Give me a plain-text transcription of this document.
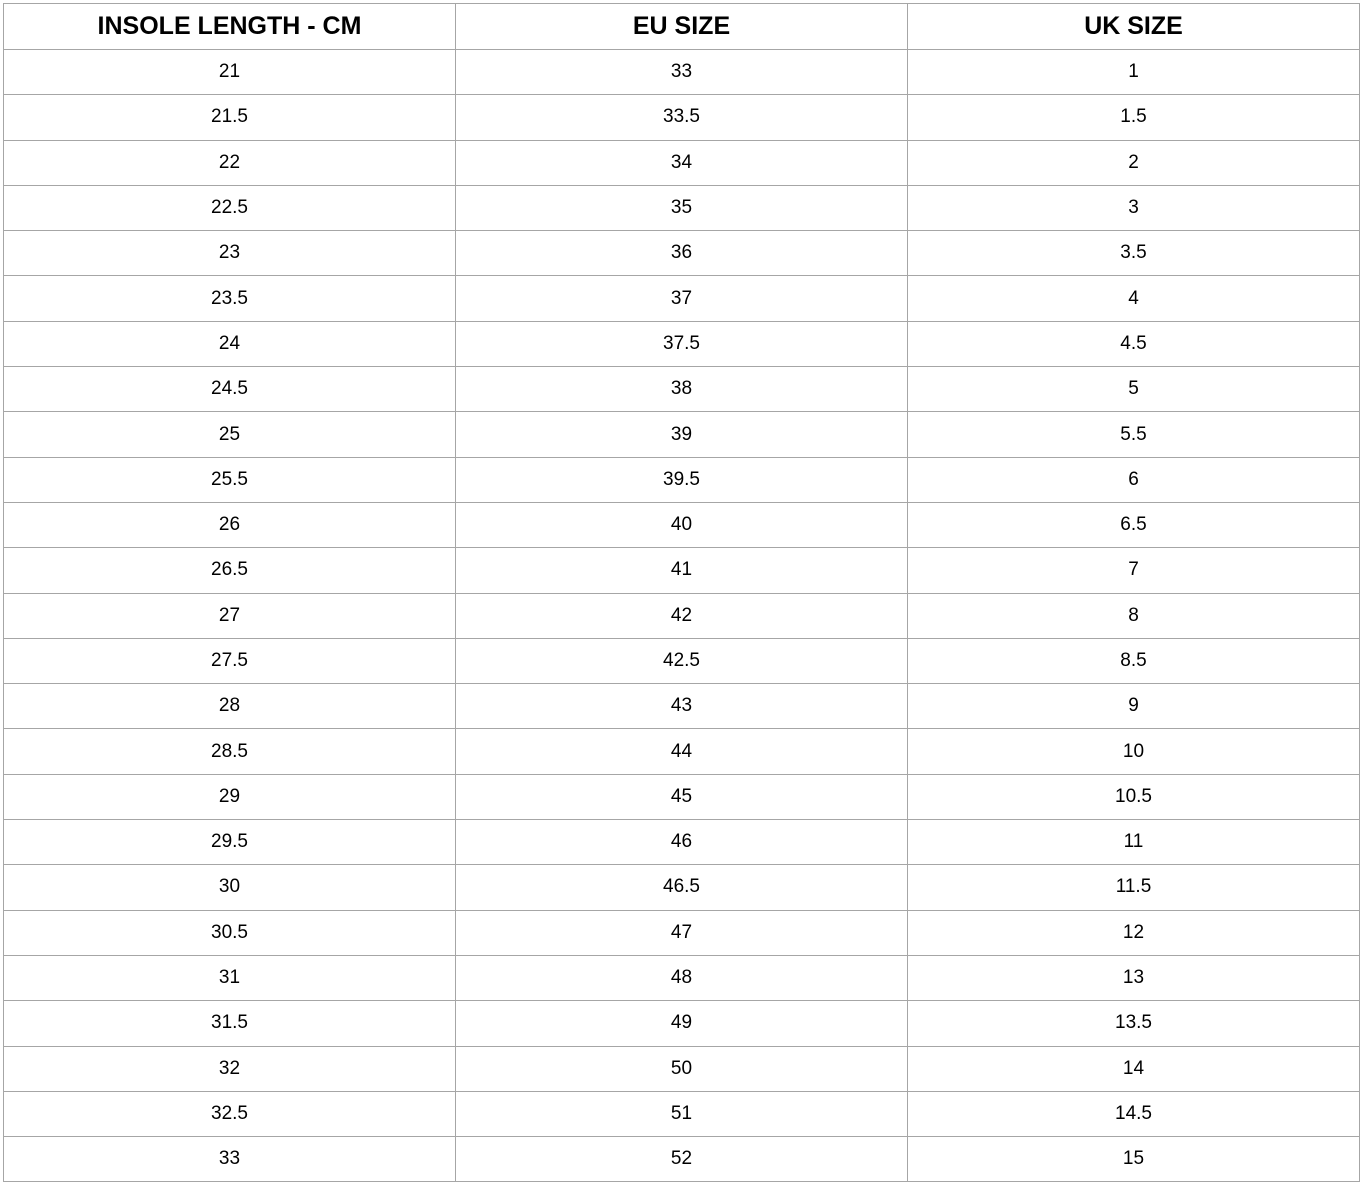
INSOLE LENGTH - CM	EU SIZE	UK SIZE
21	33	1
21.5	33.5	1.5
22	34	2
22.5	35	3
23	36	3.5
23.5	37	4
24	37.5	4.5
24.5	38	5
25	39	5.5
25.5	39.5	6
26	40	6.5
26.5	41	7
27	42	8
27.5	42.5	8.5
28	43	9
28.5	44	10
29	45	10.5
29.5	46	11
30	46.5	11.5
30.5	47	12
31	48	13
31.5	49	13.5
32	50	14
32.5	51	14.5
33	52	15
